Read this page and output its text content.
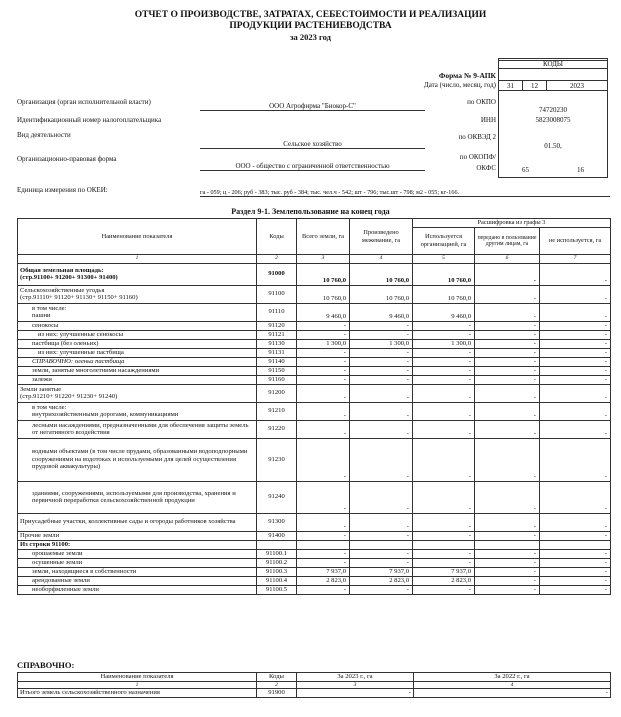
ОТЧЕТ О ПРОИЗВОДСТВЕ, ЗАТРАТАХ, СЕБЕСТОИМОСТИ И РЕАЛИЗАЦИИ
ПРОДУКЦИИ РАСТЕНИЕВОДСТВА
за 2023 год
КОДЫ
Форма № 9-АПК
Дата (число, месяц, год) 31	12	2023
Организация (орган исполнительной власти)	ООО Агрофирма "Биокор-С"	по ОКПО
74720230
Идентификационный номер налогоплательщика	ИНН	5823008075
Вид деятельности
Сельское хозяйство
по ОКВЭД 2
01.50,
Организационно-правовая форма
ООО - общество с ограниченной ответственностью
по ОКОПФ/
ОКФС	65	16
Единица измерения по ОКЕИ:	га - 059; ц - 206; руб - 383; тыс. руб - 384; тыс. чел.ч - 542; шт - 796; тыс.шт - 798; м2 - 055; кг-166.
Раздел 9-1. Землепользование на конец года
Наименование показателя	Коды	Всего земли, га	Произведено межевание, га	Расшифровка из графы 3		
				Используется организацией, га	передано в пользование другим лицам, га	не используется, га
1	2	3	4	5	6	7
Общая земельная площадь:
(стр.91100+ 91200+ 91300+ 91400)	91000	10 760,0	10 760,0	10 760,0	-	-
Сельскохозяйственные угодья
(стр.91110+ 91120+ 91130+ 91150+ 91160)	91100	10 760,0	10 760,0	10 760,0	-	-
в том числе:
пашни	91110	9 460,0	9 460,0	9 460,0	-	-
сенокосы	91120	-	-	-	-	-
из них: улучшенные сенокосы	91121	-	-	-	-	-
пастбища (без оленьих)	91130	1 300,0	1 300,0	1 300,0	-	-
из них: улучшенные пастбища	91131	-	-	-	-	-
СПРАВОЧНО: оленьи пастбища	91140	-	-	-	-	-
земли, занятые многолетними насаждениями	91150	-	-	-	-	-
залежи	91160	-	-	-	-	-
Земли занятые
(стр.91210+ 91220+ 91230+ 91240)	91200	-	-	-	-	-
в том числе:
внутрихозяйственными дорогами, коммуникациями	91210	-	-	-	-	-
лесными насаждениями, предназначенными для обеспечения защиты земель от негативного воздействия	91220	-	-	-	-	-
водными объектами (в том числе прудами, образованными водоподпорными сооружениями на водотоках и используемыми для целей осуществления прудовой аквакультуры)	91230	-	-	-	-	-
зданиями, сооружениями, используемыми для производства, хранения и первичной переработки сельскохозяйственной продукции	91240	-	-	-	-	-
Приусадебные участки, коллективные сады и огороды работников хозяйства	91300	-	-	-	-	-
Прочие земли	91400	-	-	-	-	-
Из строки 91100:						
орошаемые земли	91100.1	-	-	-	-	-
осушенные земли	91100.2	-	-	-	-	-
земли, находящиеся в собственности	91100.3	7 937,0	7 937,0	7 937,0	-	-
арендованные земли	91100.4	2 823,0	2 823,0	2 823,0	-	-
необорфмленные земли	91100.5	-	-	-	-	-
СПРАВОЧНО:
Наименование показателя	Коды	За 2023 г., га	За 2022 г., га
1	2	3	4
Итього земель сельскохозяйственного назначения	91900	-	-
